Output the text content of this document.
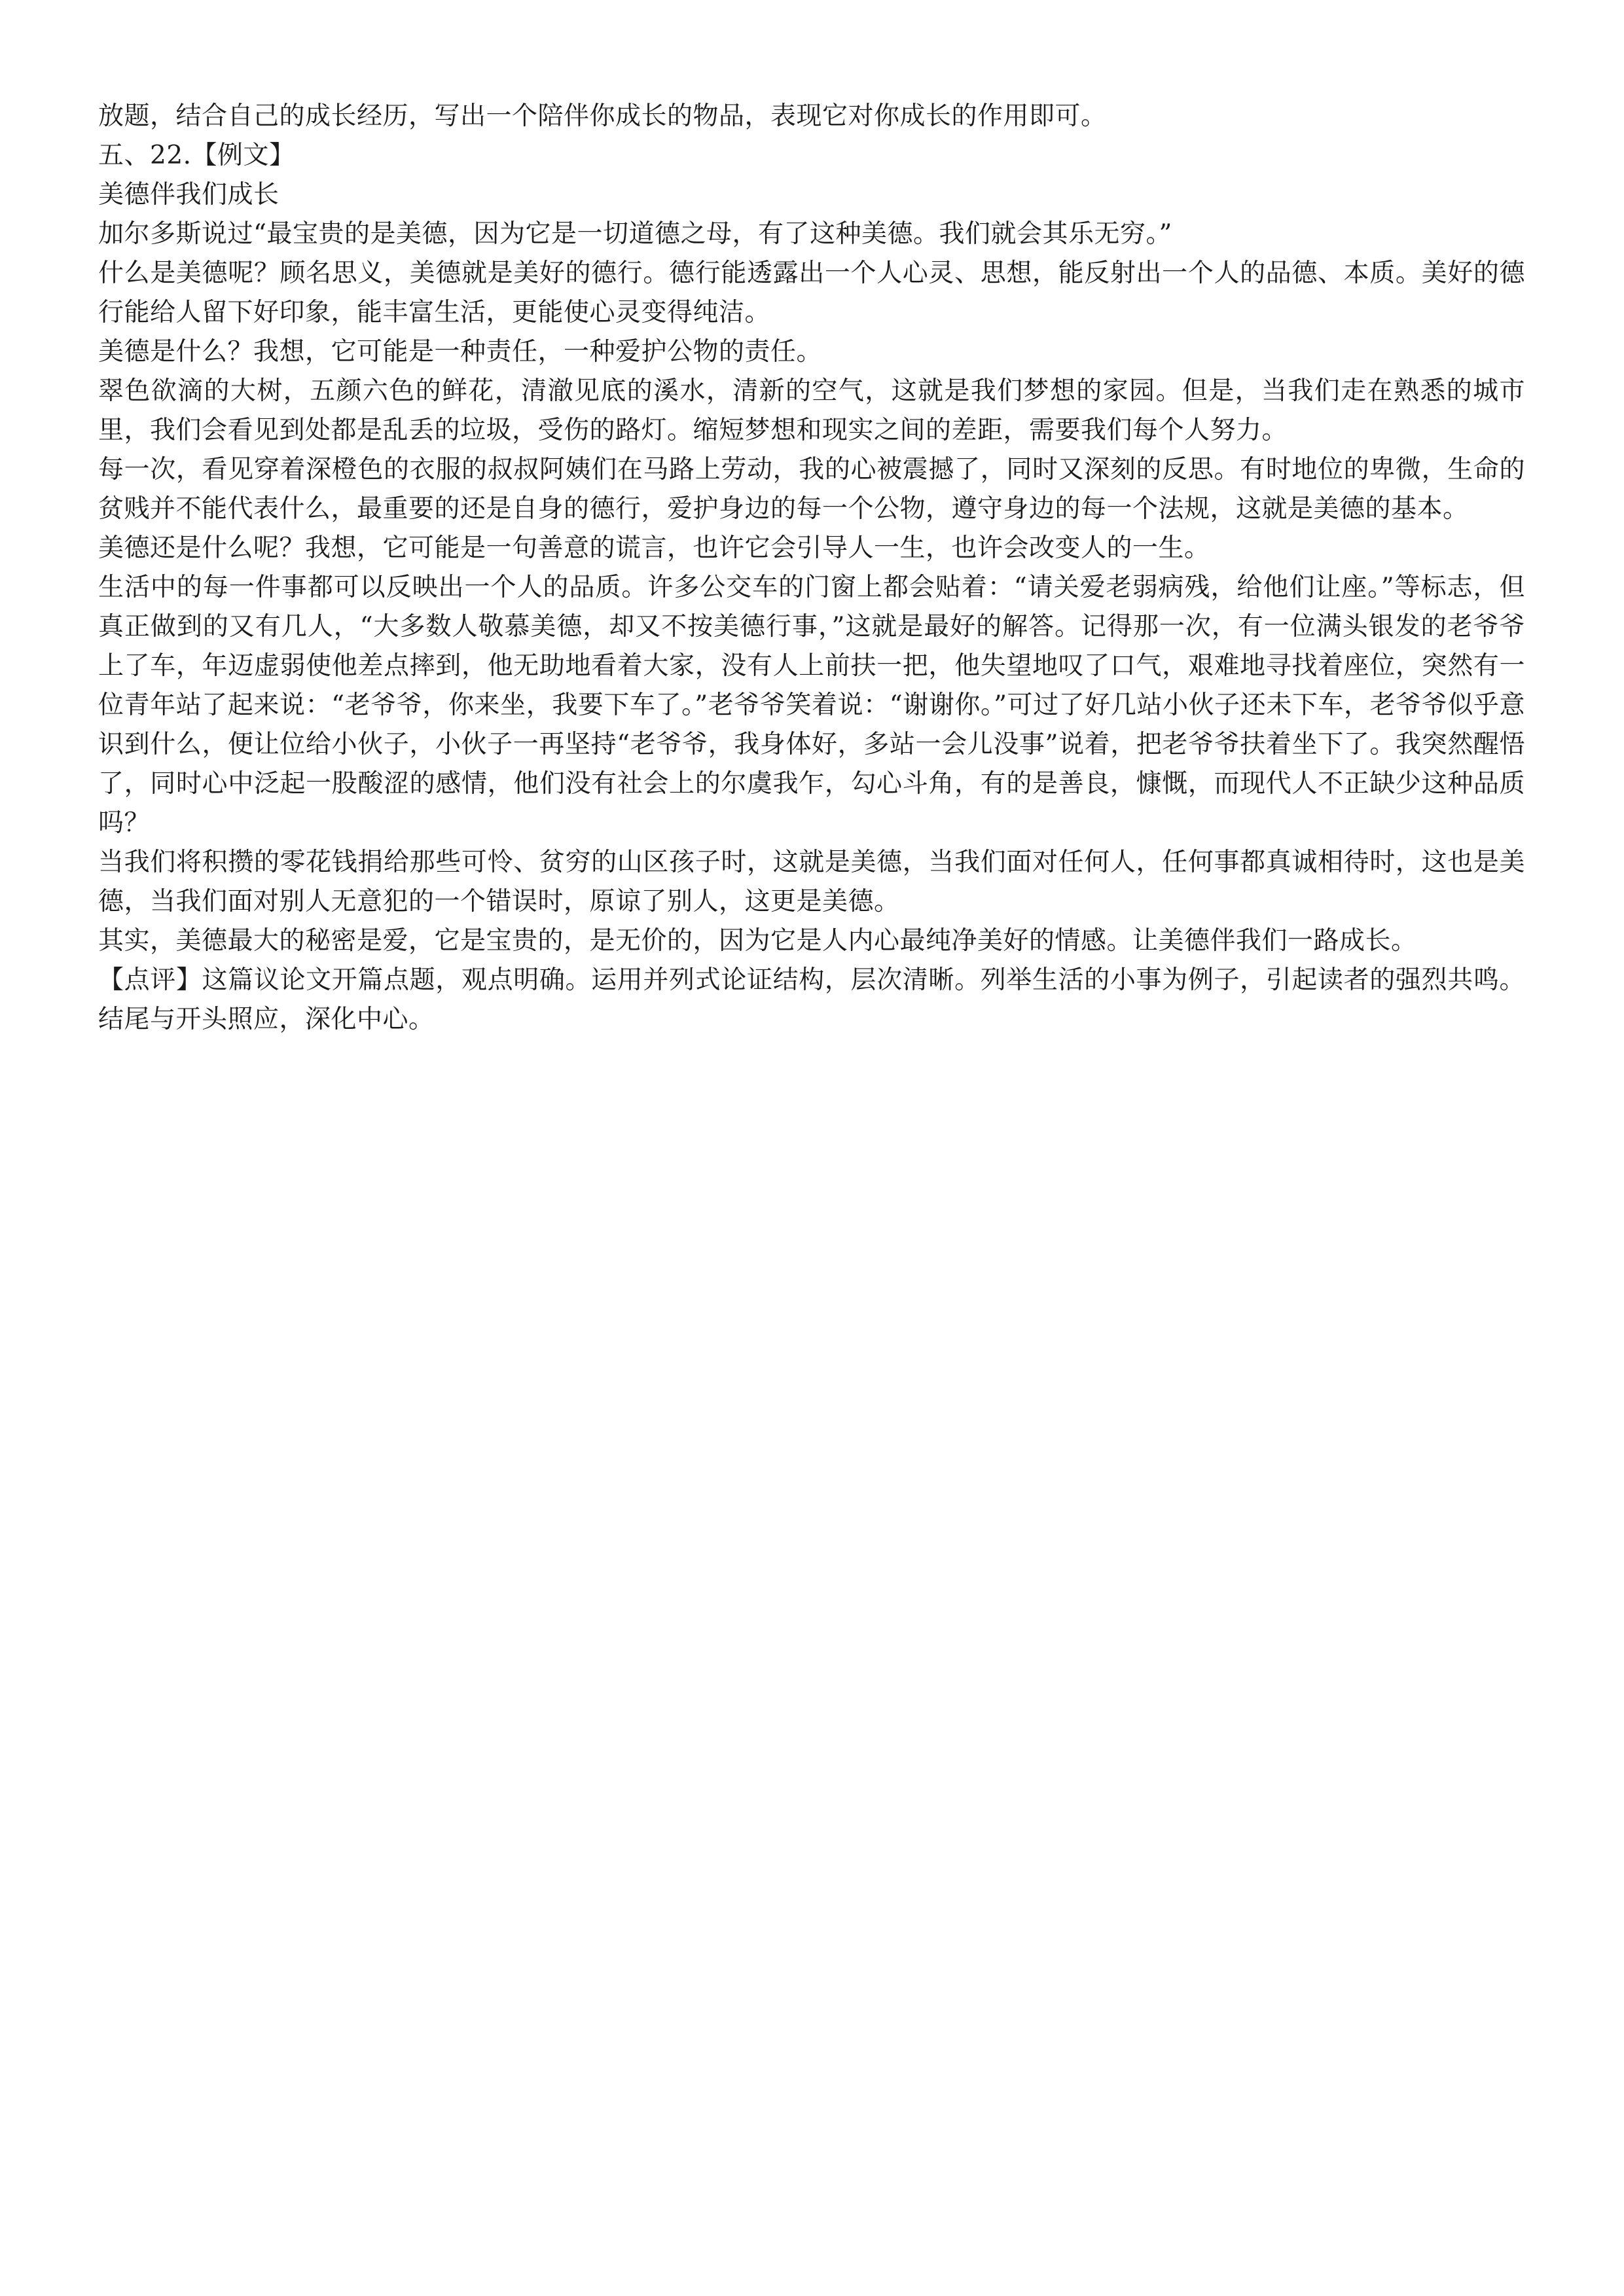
放题，结合自己的成长经历，写出一个陪伴你成长的物品，表现它对你成长的作用即可。

五、22.【例文】

美德伴我们成长

加尔多斯说过“最宝贵的是美德，因为它是一切道德之母，有了这种美德。我们就会其乐无穷。”

什么是美德呢？顾名思义，美德就是美好的德行。德行能透露出一个人心灵、思想，能反射出一个人的品德、本质。美好的德行能给人留下好印象，能丰富生活，更能使心灵变得纯洁。

美德是什么？我想，它可能是一种责任，一种爱护公物的责任。

翠色欲滴的大树，五颜六色的鲜花，清澈见底的溪水，清新的空气，这就是我们梦想的家园。但是，当我们走在熟悉的城市里，我们会看见到处都是乱丢的垃圾，受伤的路灯。缩短梦想和现实之间的差距，需要我们每个人努力。

每一次，看见穿着深橙色的衣服的叔叔阿姨们在马路上劳动，我的心被震撼了，同时又深刻的反思。有时地位的卑微，生命的贫贱并不能代表什么，最重要的还是自身的德行，爱护身边的每一个公物，遵守身边的每一个法规，这就是美德的基本。

美德还是什么呢？我想，它可能是一句善意的谎言，也许它会引导人一生，也许会改变人的一生。

生活中的每一件事都可以反映出一个人的品质。许多公交车的门窗上都会贴着：“请关爱老弱病残，给他们让座。”等标志，但真正做到的又有几人，“大多数人敬慕美德，却又不按美德行事，”这就是最好的解答。记得那一次，有一位满头银发的老爷爷上了车，年迈虚弱使他差点摔到，他无助地看着大家，没有人上前扶一把，他失望地叹了口气，艰难地寻找着座位，突然有一位青年站了起来说：“老爷爷，你来坐，我要下车了。”老爷爷笑着说：“谢谢你。”可过了好几站小伙子还未下车，老爷爷似乎意识到什么，便让位给小伙子，小伙子一再坚持“老爷爷，我身体好，多站一会儿没事”说着，把老爷爷扶着坐下了。我突然醒悟了，同时心中泛起一股酸涩的感情，他们没有社会上的尔虞我乍，勾心斗角，有的是善良，慷慨，而现代人不正缺少这种品质吗？

当我们将积攒的零花钱捐给那些可怜、贫穷的山区孩子时，这就是美德，当我们面对任何人，任何事都真诚相待时，这也是美德，当我们面对别人无意犯的一个错误时，原谅了别人，这更是美德。

其实，美德最大的秘密是爱，它是宝贵的，是无价的，因为它是人内心最纯净美好的情感。让美德伴我们一路成长。

【点评】这篇议论文开篇点题，观点明确。运用并列式论证结构，层次清晰。列举生活的小事为例子，引起读者的强烈共鸣。结尾与开头照应，深化中心。
